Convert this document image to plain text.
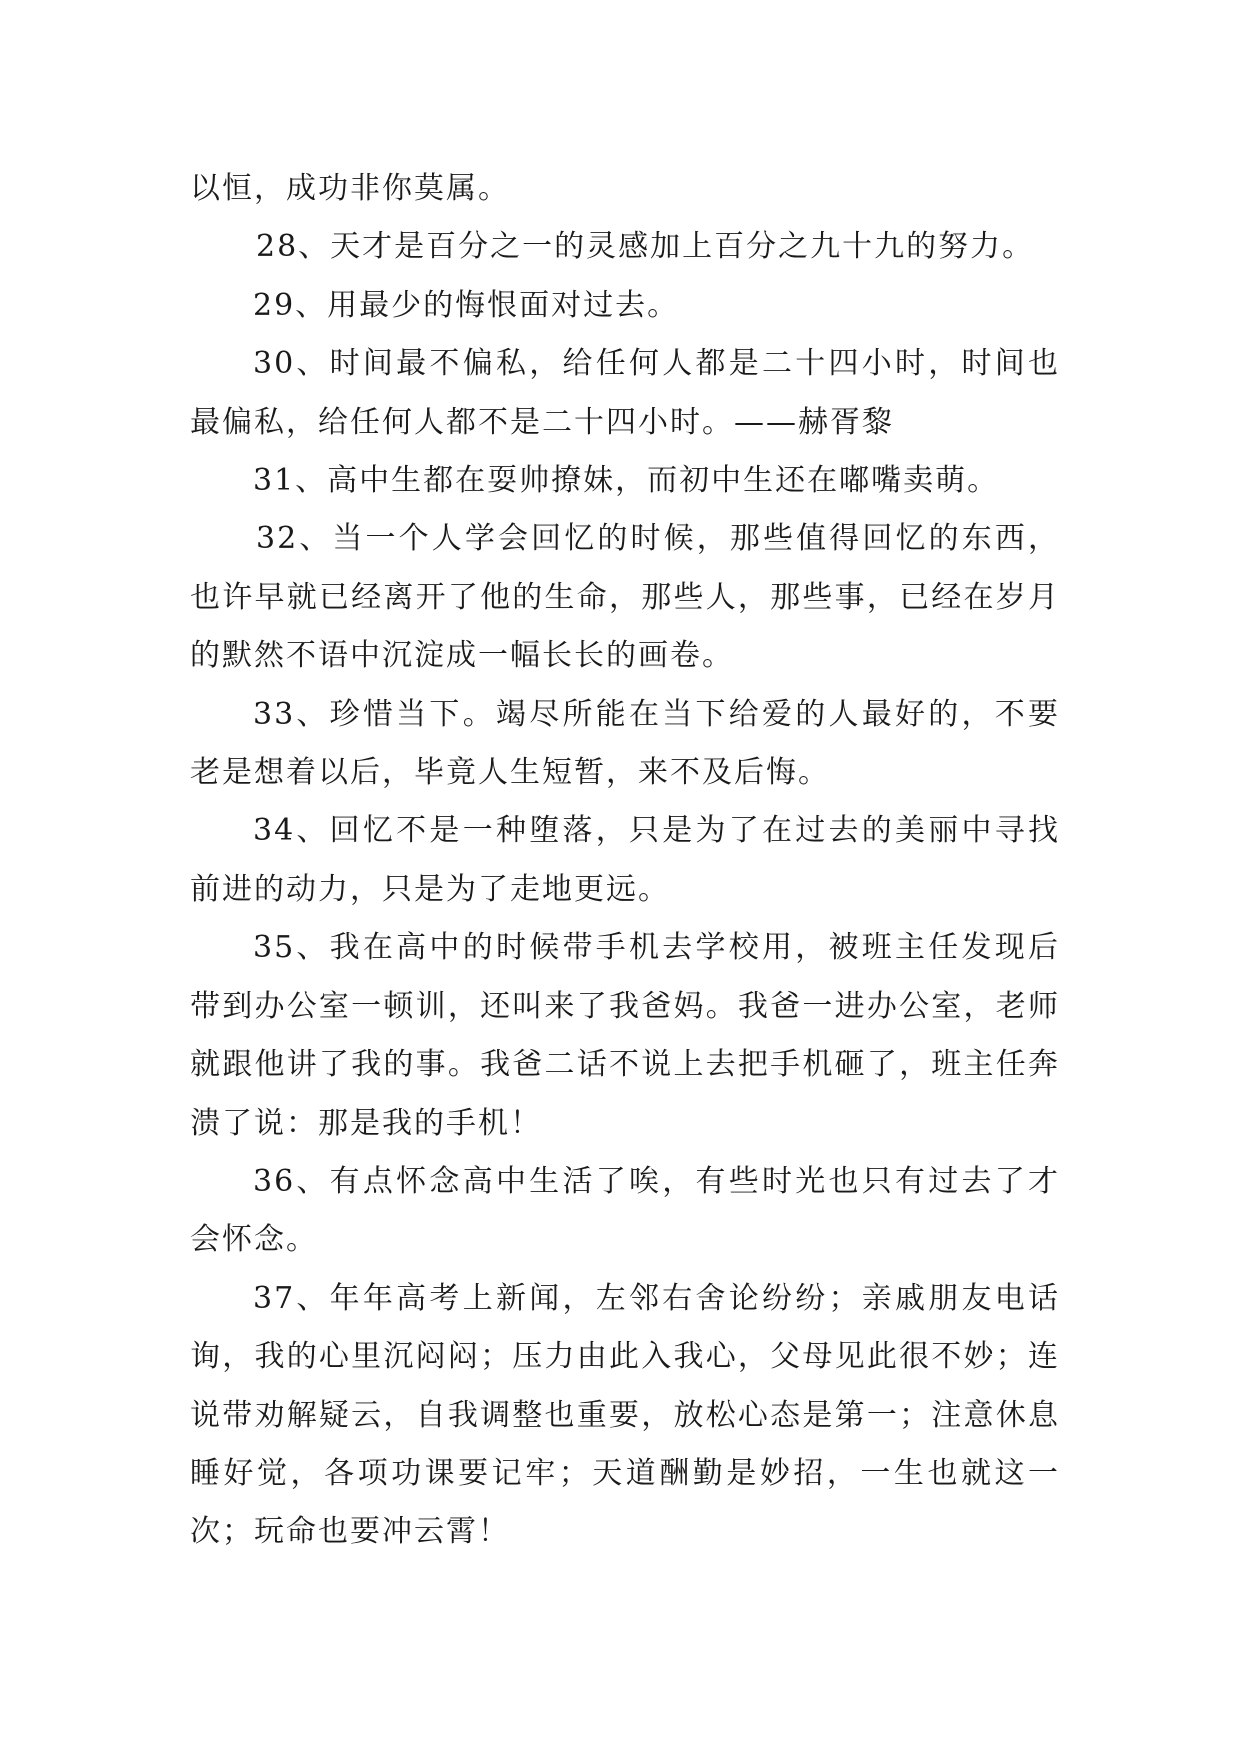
以恒，成功非你莫属。

28、天才是百分之一的灵感加上百分之九十九的努力。

29、用最少的悔恨面对过去。

30、时间最不偏私，给任何人都是二十四小时，时间也最偏私，给任何人都不是二十四小时。——赫胥黎

31、高中生都在耍帅撩妹，而初中生还在嘟嘴卖萌。

32、当一个人学会回忆的时候，那些值得回忆的东西，也许早就已经离开了他的生命，那些人，那些事，已经在岁月的默然不语中沉淀成一幅长长的画卷。

33、珍惜当下。竭尽所能在当下给爱的人最好的，不要老是想着以后，毕竟人生短暂，来不及后悔。

34、回忆不是一种堕落，只是为了在过去的美丽中寻找前进的动力，只是为了走地更远。

35、我在高中的时候带手机去学校用，被班主任发现后带到办公室一顿训，还叫来了我爸妈。我爸一进办公室，老师就跟他讲了我的事。我爸二话不说上去把手机砸了，班主任奔溃了说：那是我的手机！

36、有点怀念高中生活了唉，有些时光也只有过去了才会怀念。

37、年年高考上新闻，左邻右舍论纷纷；亲戚朋友电话询，我的心里沉闷闷；压力由此入我心，父母见此很不妙；连说带劝解疑云，自我调整也重要，放松心态是第一；注意休息睡好觉，各项功课要记牢；天道酬勤是妙招，一生也就这一次；玩命也要冲云霄！
